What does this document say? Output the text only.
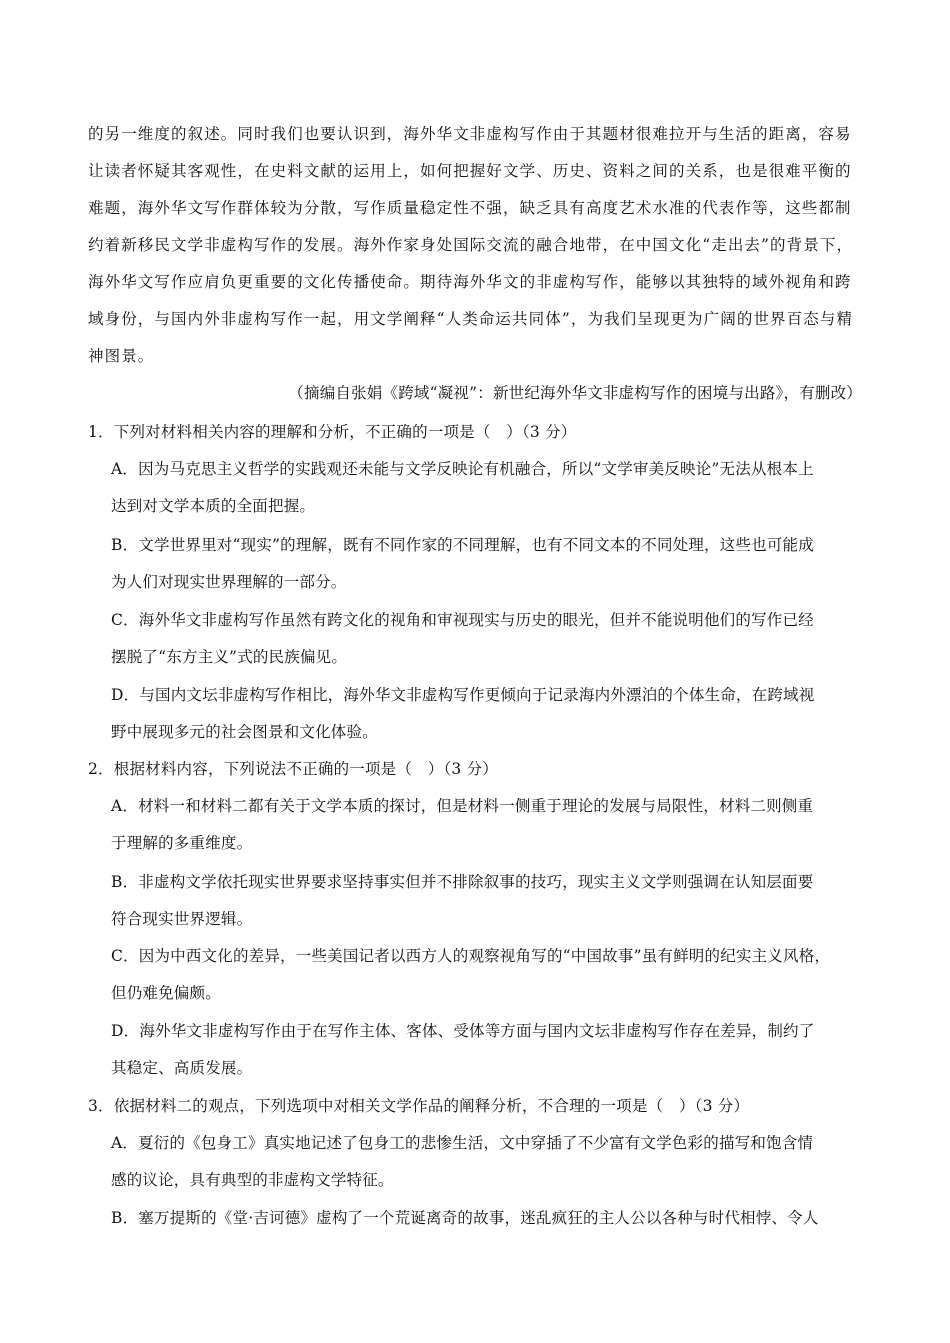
的另一维度的叙述。同时我们也要认识到，海外华文非虚构写作由于其题材很难拉开与生活的距离，容易
让读者怀疑其客观性，在史料文献的运用上，如何把握好文学、历史、资料之间的关系，也是很难平衡的
难题，海外华文写作群体较为分散，写作质量稳定性不强，缺乏具有高度艺术水准的代表作等，这些都制
约着新移民文学非虚构写作的发展。海外作家身处国际交流的融合地带，在中国文化“走出去”的背景下，
海外华文写作应肩负更重要的文化传播使命。期待海外华文的非虚构写作，能够以其独特的域外视角和跨
域身份，与国内外非虚构写作一起，用文学阐释“人类命运共同体”，为我们呈现更为广阔的世界百态与精
神图景。
（摘编自张娟《跨域“凝视”：新世纪海外华文非虚构写作的困境与出路》，有删改）
1．下列对材料相关内容的理解和分析，不正确的一项是（　）（3 分）
A．因为马克思主义哲学的实践观还未能与文学反映论有机融合，所以“文学审美反映论”无法从根本上
达到对文学本质的全面把握。
B．文学世界里对“现实”的理解，既有不同作家的不同理解，也有不同文本的不同处理，这些也可能成
为人们对现实世界理解的一部分。
C．海外华文非虚构写作虽然有跨文化的视角和审视现实与历史的眼光，但并不能说明他们的写作已经
摆脱了“东方主义”式的民族偏见。
D．与国内文坛非虚构写作相比，海外华文非虚构写作更倾向于记录海内外漂泊的个体生命，在跨域视
野中展现多元的社会图景和文化体验。
2．根据材料内容，下列说法不正确的一项是（　）（3 分）
A．材料一和材料二都有关于文学本质的探讨，但是材料一侧重于理论的发展与局限性，材料二则侧重
于理解的多重维度。
B．非虚构文学依托现实世界要求坚持事实但并不排除叙事的技巧，现实主义文学则强调在认知层面要
符合现实世界逻辑。
C．因为中西文化的差异，一些美国记者以西方人的观察视角写的“中国故事”虽有鲜明的纪实主义风格，
但仍难免偏颇。
D．海外华文非虚构写作由于在写作主体、客体、受体等方面与国内文坛非虚构写作存在差异，制约了
其稳定、高质发展。
3．依据材料二的观点，下列选项中对相关文学作品的阐释分析，不合理的一项是（　）（3 分）
A．夏衍的《包身工》真实地记述了包身工的悲惨生活，文中穿插了不少富有文学色彩的描写和饱含情
感的议论，具有典型的非虚构文学特征。
B．塞万提斯的《堂·吉诃德》虚构了一个荒诞离奇的故事，迷乱疯狂的主人公以各种与时代相悖、令人
